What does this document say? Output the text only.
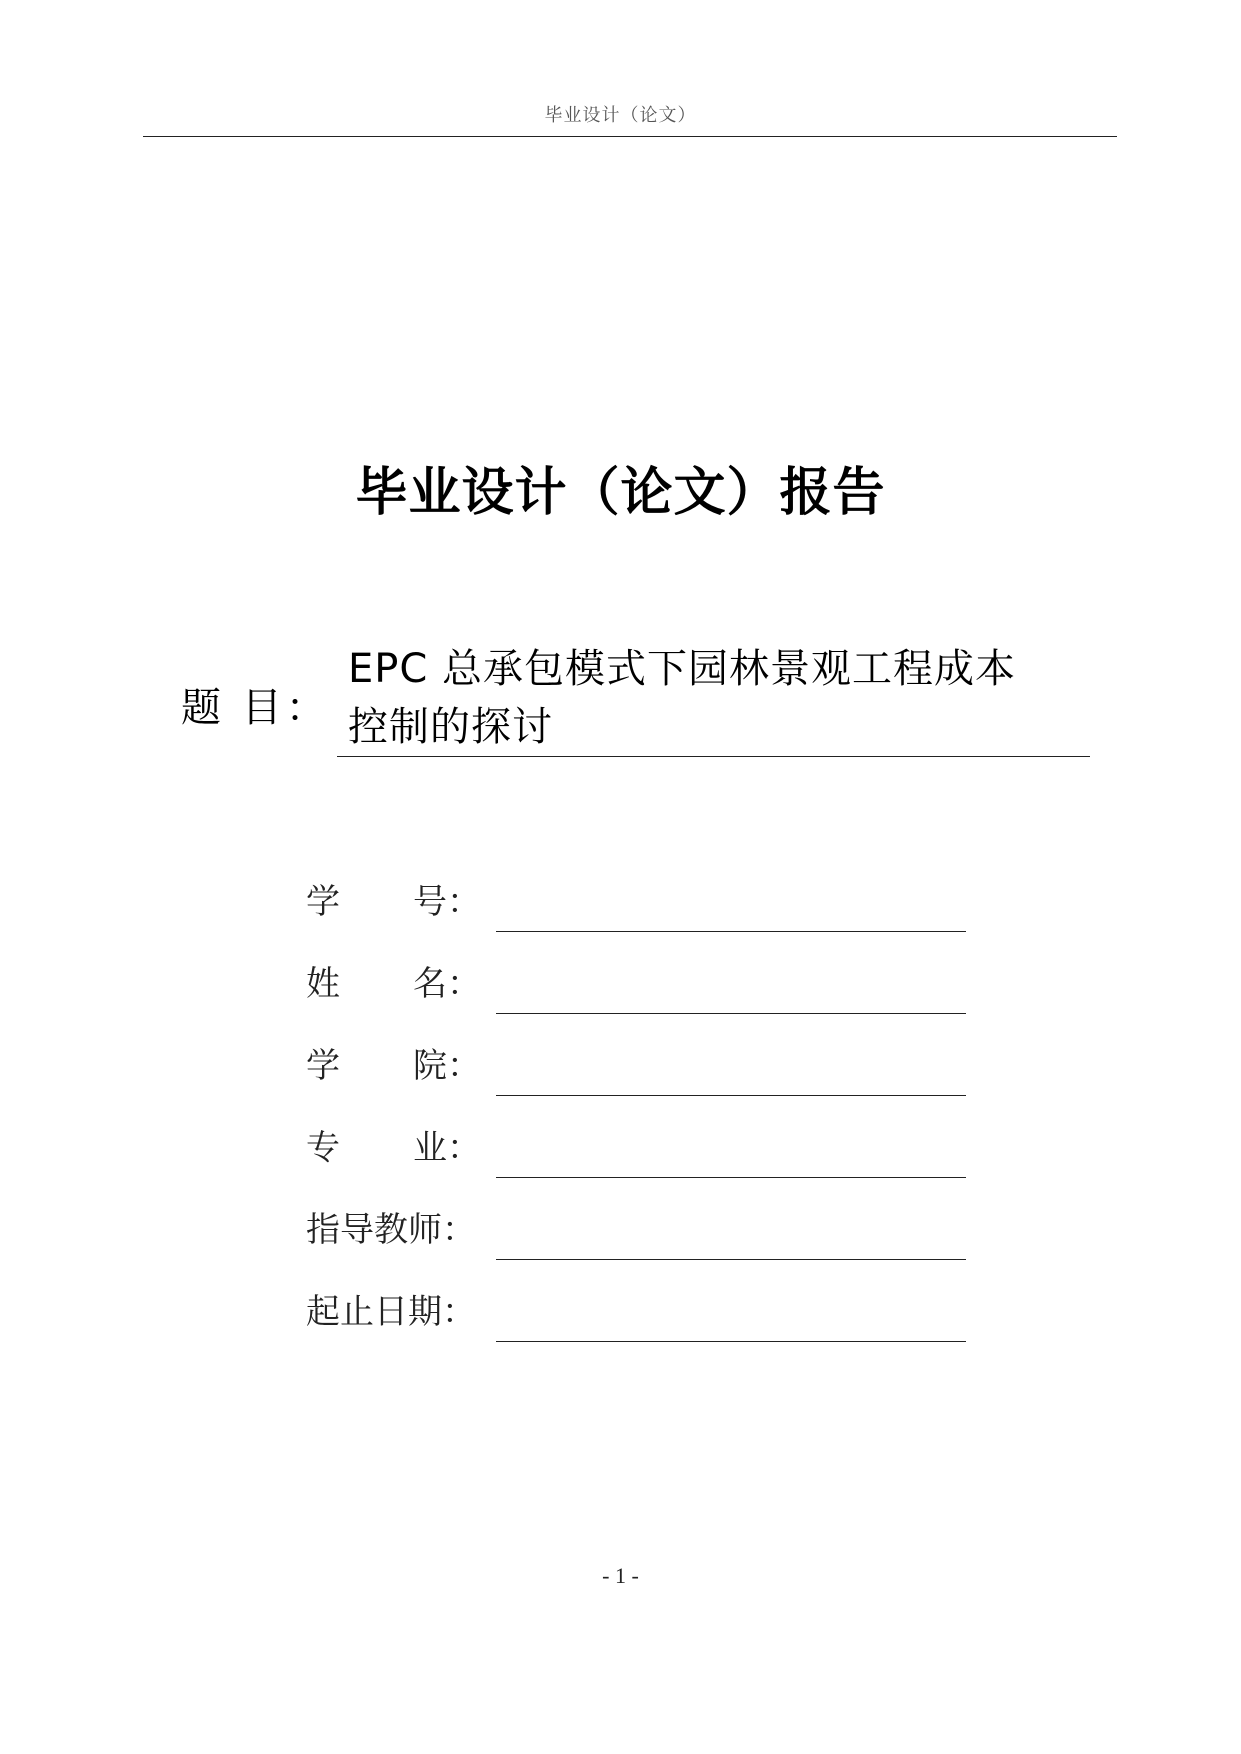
毕业设计（论文）
毕业设计（论文）报告
题 目：
EPC 总承包模式下园林景观工程成本
控制的探讨
学 号：
姓 名：
学 院：
专 业：
指导教师：
起止日期：
- 1 -
